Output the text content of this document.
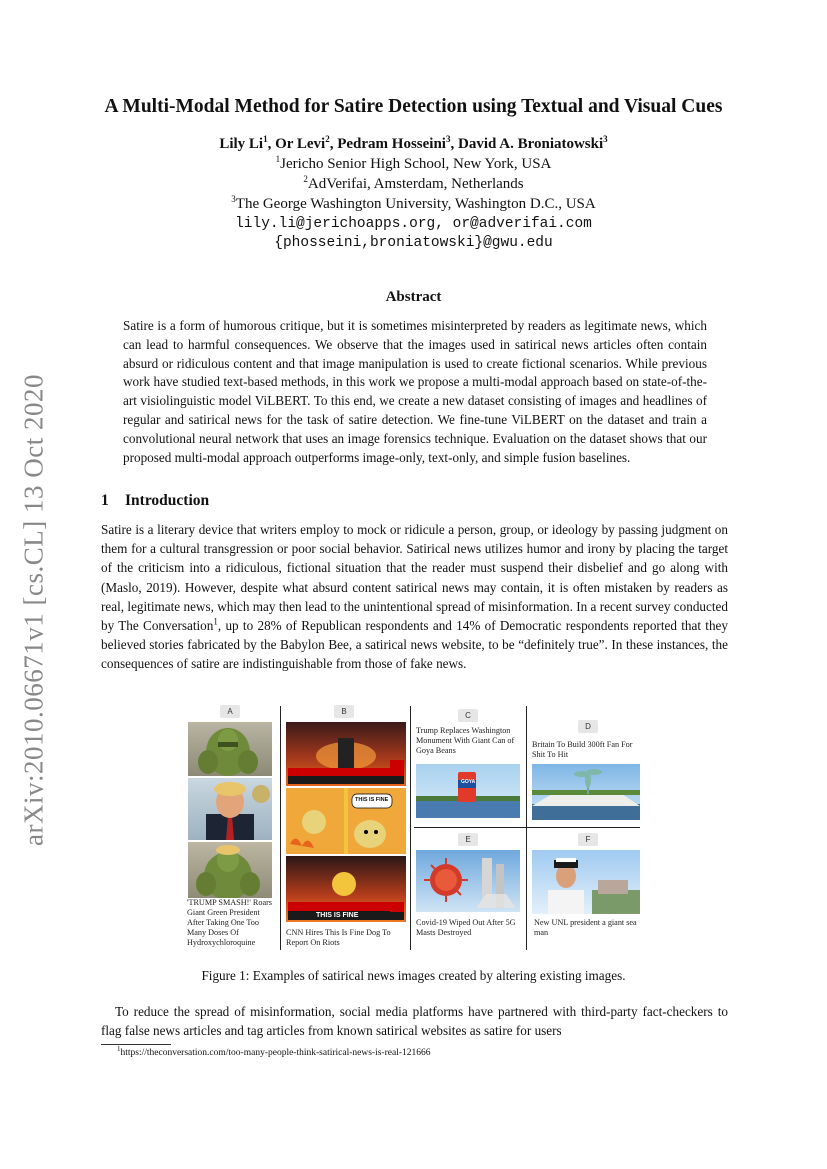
arXiv:2010.06671v1 [cs.CL] 13 Oct 2020
A Multi-Modal Method for Satire Detection using Textual and Visual Cues
Lily Li$^1$, Or Levi$^2$, Pedram Hosseini$^3$, David A. Broniatowski$^3$
$^1$Jericho Senior High School, New York, USA
$^2$AdVerifai, Amsterdam, Netherlands
$^3$The George Washington University, Washington D.C., USA
lily.li@jerichoapps.org, or@adverifai.com
{phosseini,broniatowski}@gwu.edu
Abstract
Satire is a form of humorous critique, but it is sometimes misinterpreted by readers as legitimate news, which can lead to harmful consequences. We observe that the images used in satirical news articles often contain absurd or ridiculous content and that image manipulation is used to create fictional scenarios. While previous work have studied text-based methods, in this work we propose a multi-modal approach based on state-of-the-art visiolinguistic model ViLBERT. To this end, we create a new dataset consisting of images and headlines of regular and satirical news for the task of satire detection. We fine-tune ViLBERT on the dataset and train a convolutional neural network that uses an image forensics technique. Evaluation on the dataset shows that our proposed multi-modal approach outperforms image-only, text-only, and simple fusion baselines.
1 Introduction
Satire is a literary device that writers employ to mock or ridicule a person, group, or ideology by passing judgment on them for a cultural transgression or poor social behavior. Satirical news utilizes humor and irony by placing the target of the criticism into a ridiculous, fictional situation that the reader must suspend their disbelief and go along with (Maslo, 2019). However, despite what absurd content satirical news may contain, it is often mistaken by readers as real, legitimate news, which may then lead to the unintentional spread of misinformation. In a recent survey conducted by The Conversation$^1$, up to 28% of Republican respondents and 14% of Democratic respondents reported that they believed stories fabricated by the Babylon Bee, a satirical news website, to be “definitely true”. In these instances, the consequences of satire are indistinguishable from those of fake news.
A
'TRUMP SMASH!' Roars Giant Green President After Taking One Too Many Doses Of Hydroxychloroquine
B
THIS IS FINE
THIS IS FINE
CNN Hires This Is Fine Dog To Report On Riots
C
Trump Replaces Washington Monument With Giant Can of Goya Beans
GOYA
E
Covid-19 Wiped Out After 5G Masts Destroyed
D
Britain To Build 300ft Fan For Shit To Hit
F
New UNL president a giant sea man
Figure 1: Examples of satirical news images created by altering existing images.
To reduce the spread of misinformation, social media platforms have partnered with third-party fact-checkers to flag false news articles and tag articles from known satirical websites as satire for users
$^1$https://theconversation.com/too-many-people-think-satirical-news-is-real-121666
